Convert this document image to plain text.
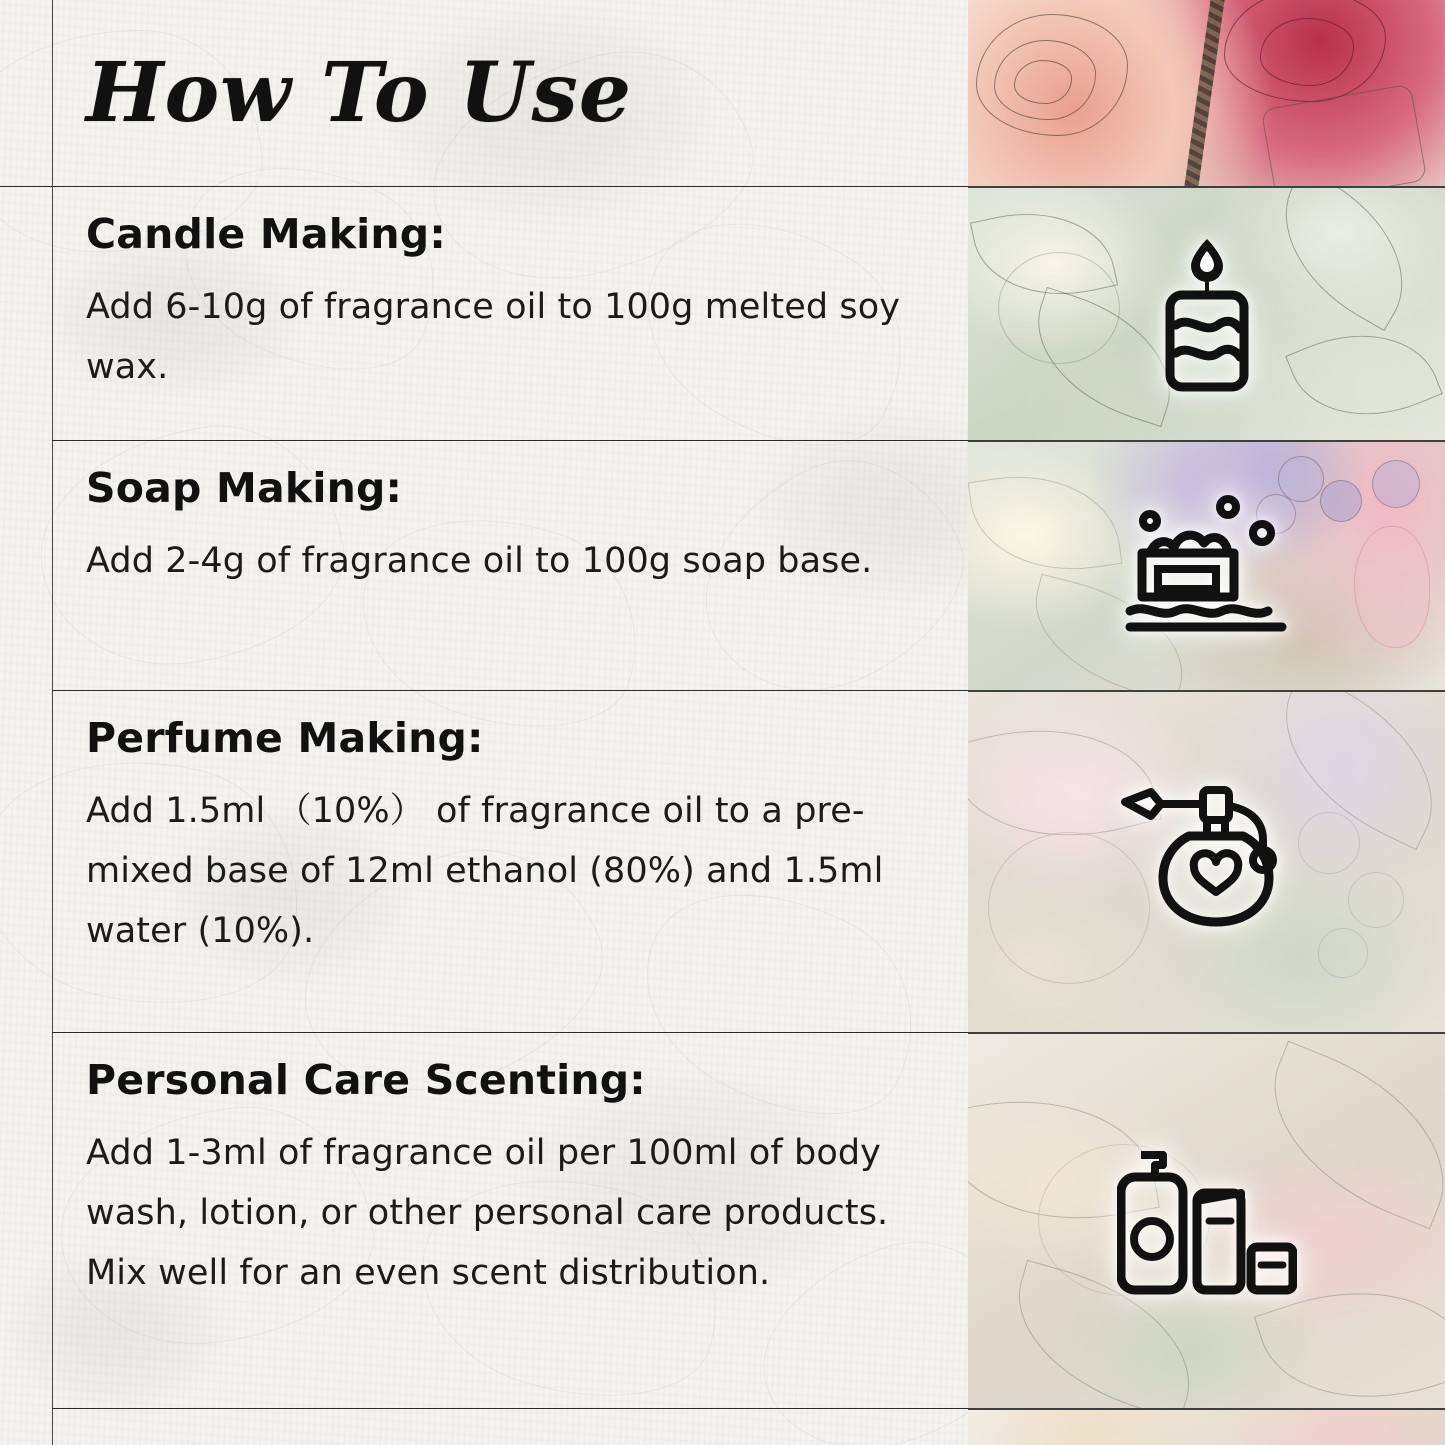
How To Use
Candle Making:

Add 6-10g of fragrance oil to 100g melted soy wax.

Soap Making:

Add 2-4g of fragrance oil to 100g soap base.

Perfume Making:

Add 1.5ml （10%） of fragrance oil to a pre-mixed base of 12ml ethanol (80%) and 1.5ml water (10%).

Personal Care Scenting:

Add 1-3ml of fragrance oil per 100ml of body wash, lotion, or other personal care products. Mix well for an even scent distribution.
